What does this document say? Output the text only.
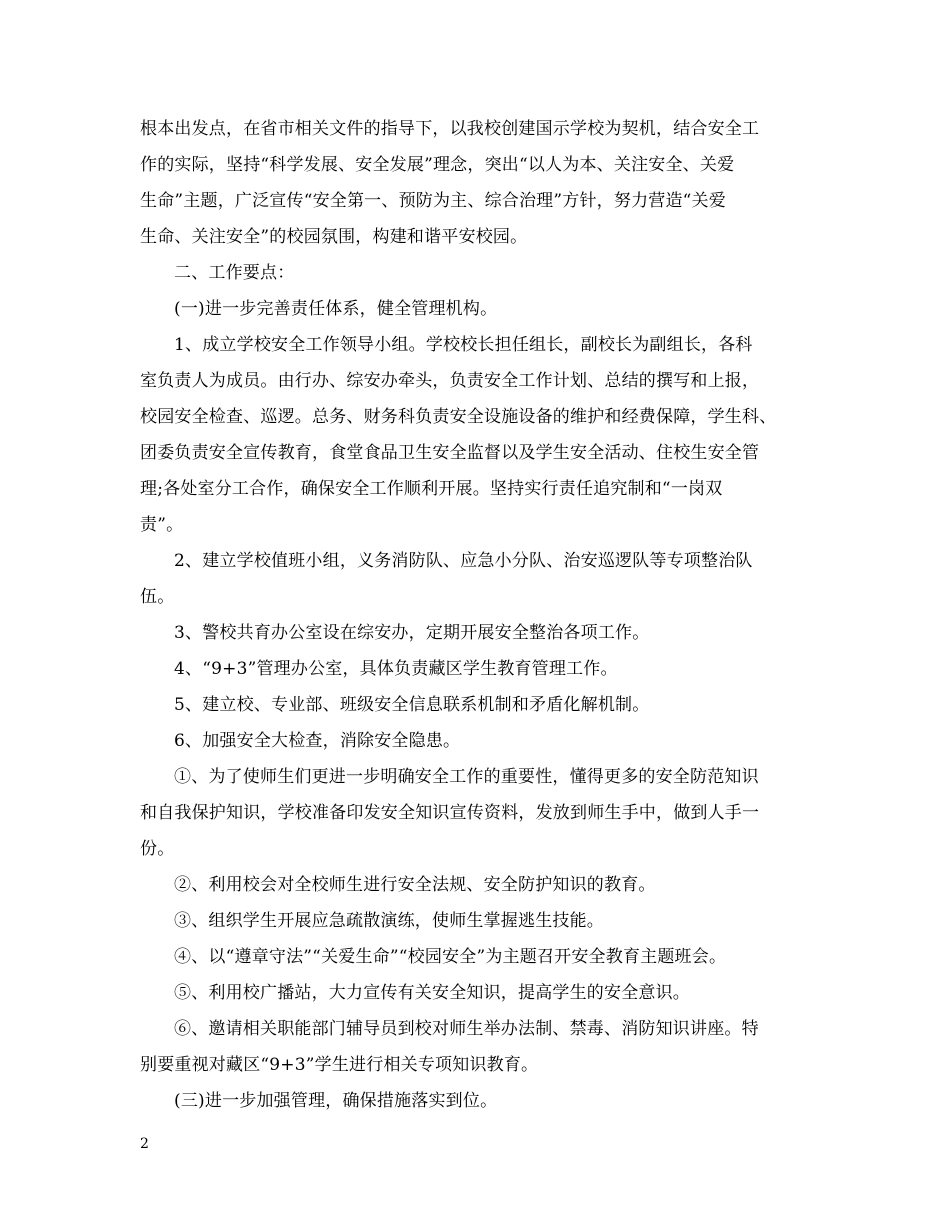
根本出发点，在省市相关文件的指导下，以我校创建国示学校为契机，结合安全工
作的实际，坚持“科学发展、安全发展”理念，突出“以人为本、关注安全、关爱
生命”主题，广泛宣传“安全第一、预防为主、综合治理”方针，努力营造“关爱
生命、关注安全”的校园氛围，构建和谐平安校园。
二、工作要点：
(一)进一步完善责任体系，健全管理机构。
1、成立学校安全工作领导小组。学校校长担任组长，副校长为副组长，各科
室负责人为成员。由行办、综安办牵头，负责安全工作计划、总结的撰写和上报，
校园安全检查、巡逻。总务、财务科负责安全设施设备的维护和经费保障，学生科、
团委负责安全宣传教育，食堂食品卫生安全监督以及学生安全活动、住校生安全管
理;各处室分工合作，确保安全工作顺利开展。坚持实行责任追究制和“一岗双
责”。
2、建立学校值班小组，义务消防队、应急小分队、治安巡逻队等专项整治队
伍。
3、警校共育办公室设在综安办，定期开展安全整治各项工作。
4、“9+3”管理办公室，具体负责藏区学生教育管理工作。
5、建立校、专业部、班级安全信息联系机制和矛盾化解机制。
6、加强安全大检查，消除安全隐患。
①、为了使师生们更进一步明确安全工作的重要性，懂得更多的安全防范知识
和自我保护知识，学校准备印发安全知识宣传资料，发放到师生手中，做到人手一
份。
②、利用校会对全校师生进行安全法规、安全防护知识的教育。
③、组织学生开展应急疏散演练，使师生掌握逃生技能。
④、以“遵章守法”“关爱生命”“校园安全”为主题召开安全教育主题班会。
⑤、利用校广播站，大力宣传有关安全知识，提高学生的安全意识。
⑥、邀请相关职能部门辅导员到校对师生举办法制、禁毒、消防知识讲座。特
别要重视对藏区“9+3”学生进行相关专项知识教育。
(三)进一步加强管理，确保措施落实到位。
2
